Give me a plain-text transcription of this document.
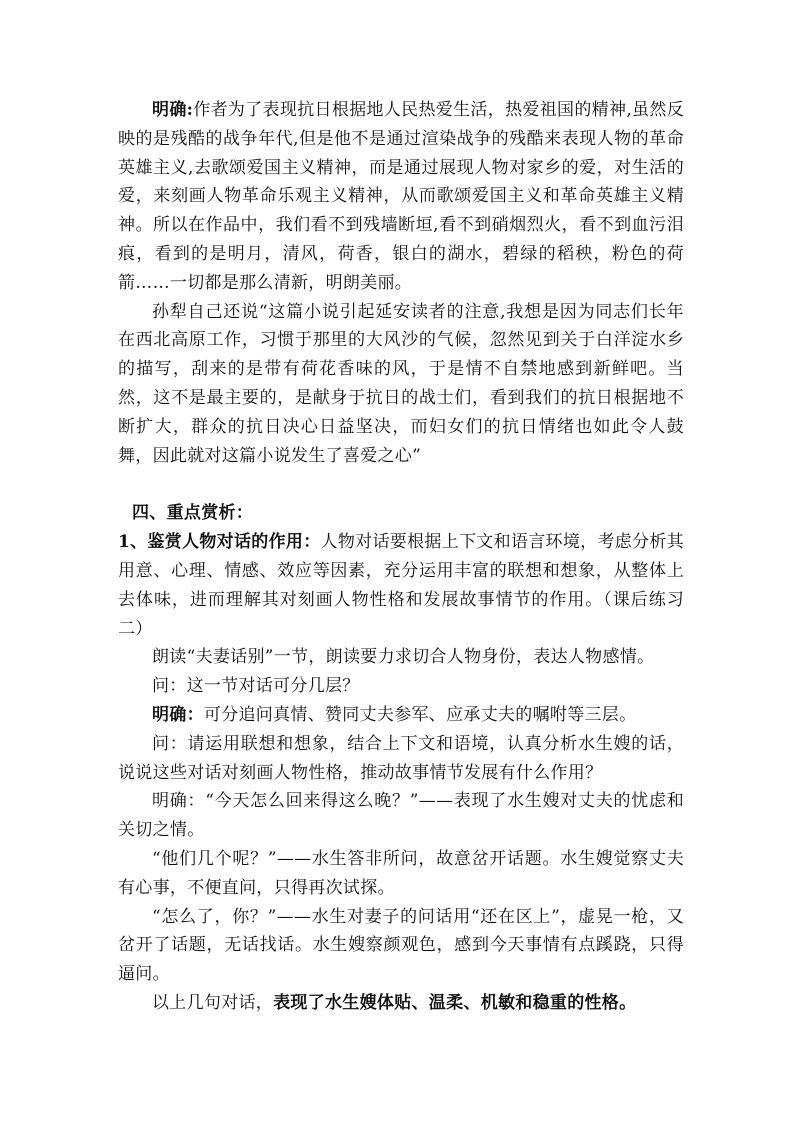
明确:作者为了表现抗日根据地人民热爱生活，热爱祖国的精神,虽然反映的是残酷的战争年代,但是他不是通过渲染战争的残酷来表现人物的革命英雄主义,去歌颂爱国主义精神，而是通过展现人物对家乡的爱，对生活的爱，来刻画人物革命乐观主义精神，从而歌颂爱国主义和革命英雄主义精神。所以在作品中，我们看不到残墙断垣,看不到硝烟烈火，看不到血污泪痕，看到的是明月，清风，荷香，银白的湖水，碧绿的稻秧，粉色的荷箭……一切都是那么清新，明朗美丽。

孙犁自己还说“这篇小说引起延安读者的注意,我想是因为同志们长年在西北高原工作，习惯于那里的大风沙的气候，忽然见到关于白洋淀水乡的描写，刮来的是带有荷花香味的风，于是情不自禁地感到新鲜吧。当然，这不是最主要的，是献身于抗日的战士们，看到我们的抗日根据地不断扩大，群众的抗日决心日益坚决，而妇女们的抗日情绪也如此令人鼓舞，因此就对这篇小说发生了喜爱之心”

四、重点赏析：

1、鉴赏人物对话的作用：人物对话要根据上下文和语言环境，考虑分析其用意、心理、情感、效应等因素，充分运用丰富的联想和想象，从整体上去体味，进而理解其对刻画人物性格和发展故事情节的作用。（课后练习二）

朗读“夫妻话别”一节，朗读要力求切合人物身份，表达人物感情。

问：这一节对话可分几层？

明确：可分追问真情、赞同丈夫参军、应承丈夫的嘱咐等三层。

问：请运用联想和想象，结合上下文和语境，认真分析水生嫂的话，说说这些对话对刻画人物性格，推动故事情节发展有什么作用？

明确：“今天怎么回来得这么晚？”——表现了水生嫂对丈夫的忧虑和关切之情。

“他们几个呢？”——水生答非所问，故意岔开话题。水生嫂觉察丈夫有心事，不便直问，只得再次试探。

“怎么了，你？”——水生对妻子的问话用“还在区上”，虚晃一枪，又岔开了话题，无话找话。水生嫂察颜观色，感到今天事情有点蹊跷，只得逼问。

以上几句对话，表现了水生嫂体贴、温柔、机敏和稳重的性格。
